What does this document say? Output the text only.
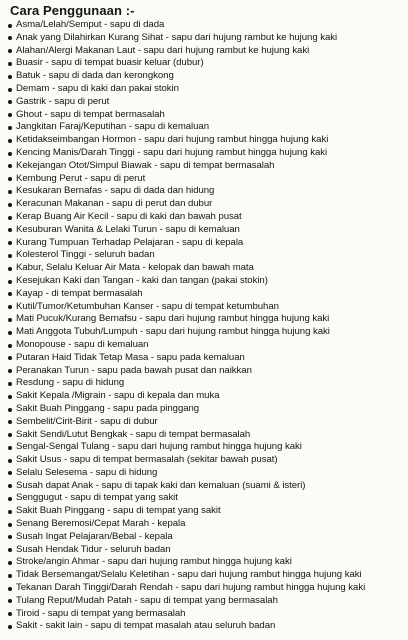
Cara Penggunaan :-
Asma/Lelah/Semput - sapu di dada
Anak yang Dilahirkan Kurang Sihat - sapu dari hujung rambut ke hujung kaki
Alahan/Alergi Makanan Laut - sapu dari hujung rambut ke hujung kaki
Buasir - sapu di tempat buasir keluar (dubur)
Batuk - sapu di dada dan kerongkong
Demam - sapu di kaki dan pakai stokin
Gastrik - sapu di perut
Ghout - sapu di tempat bermasalah
Jangkitan Faraj/Keputihan - sapu di kemaluan
Ketidakseimbangan Hormon - sapu dari hujung rambut hingga hujung kaki
Kencing Manis/Darah Tinggi - sapu dari hujung rambut hingga hujung kaki
Kekejangan Otot/Simpul Biawak - sapu di tempat bermasalah
Kembung Perut - sapu di perut
Kesukaran Bernafas - sapu di dada dan hidung
Keracunan Makanan - sapu di perut dan dubur
Kerap Buang Air Kecil - sapu di kaki dan bawah pusat
Kesuburan Wanita & Lelaki Turun - sapu di kemaluan
Kurang Tumpuan Terhadap Pelajaran - sapu di kepala
Kolesterol Tinggi - seluruh badan
Kabur, Selalu Keluar Air Mata - kelopak dan bawah mata
Kesejukan Kaki dan Tangan - kaki dan tangan (pakai stokin)
Kayap - di tempat bermasalah
Kutil/Tumor/Ketumbuhan Kanser - sapu di tempat ketumbuhan
Mati Pucuk/Kurang Bernafsu - sapu dari hujung rambut hingga hujung kaki
Mati Anggota Tubuh/Lumpuh - sapu dari hujung rambut hingga hujung kaki
Monopouse - sapu di kemaluan
Putaran Haid Tidak Tetap Masa - sapu pada kemaluan
Peranakan Turun - sapu pada bawah pusat dan naikkan
Resdung - sapu di hidung
Sakit Kepala /Migrain - sapu di kepala dan muka
Sakit Buah Pinggang - sapu pada pinggang
Sembelit/Cirit-Birit - sapu di dubur
Sakit Sendi/Lutut Bengkak - sapu di tempat bermasalah
Sengal-Sengal Tulang - sapu dari hujung rambut hingga hujung kaki
Sakit Usus - sapu di tempat bermasalah (sekitar bawah pusat)
Selalu Selesema - sapu di hidung
Susah dapat Anak - sapu di tapak kaki dan kemaluan (suami & isteri)
Senggugut - sapu di tempat yang sakit
Sakit Buah Pinggang - sapu di tempat yang sakit
Senang Beremosi/Cepat Marah - kepala
Susah Ingat Pelajaran/Bebal - kepala
Susah Hendak Tidur - seluruh badan
Stroke/angin Ahmar - sapu dari hujung rambut hingga hujung kaki
Tidak Bersemangat/Selalu Keletihan - sapu dari hujung rambut hingga hujung kaki
Tekanan Darah Tinggi/Darah Rendah - sapu dari hujung rambut hingga hujung kaki
Tulang Reput/Mudah Patah - sapu di tempat yang bermasalah
Tiroid - sapu di tempat yang bermasalah
Sakit - sakit lain - sapu di tempat masalah atau seluruh badan
